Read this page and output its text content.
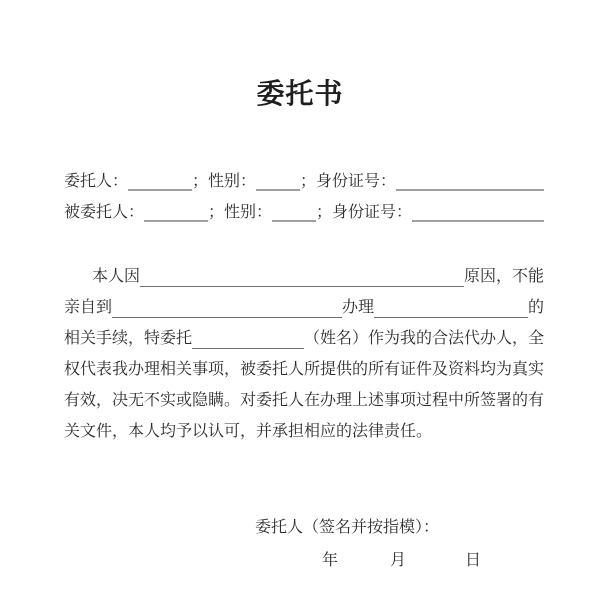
委托书
委托人：	；性别：	；身份证号：
被委托人：	；性别：	；身份证号：
本人因	原因，不能
亲自到	办理	的
相关手续，特委托	（姓名）作为我的合法代办人，全
权代表我办理相关事项，被委托人所提供的所有证件及资料均为真实
有效，决无不实或隐瞒。对委托人在办理上述事项过程中所签署的有
关文件，本人均予以认可，并承担相应的法律责任。
委托人（签名并按指模）：
年	月	日
